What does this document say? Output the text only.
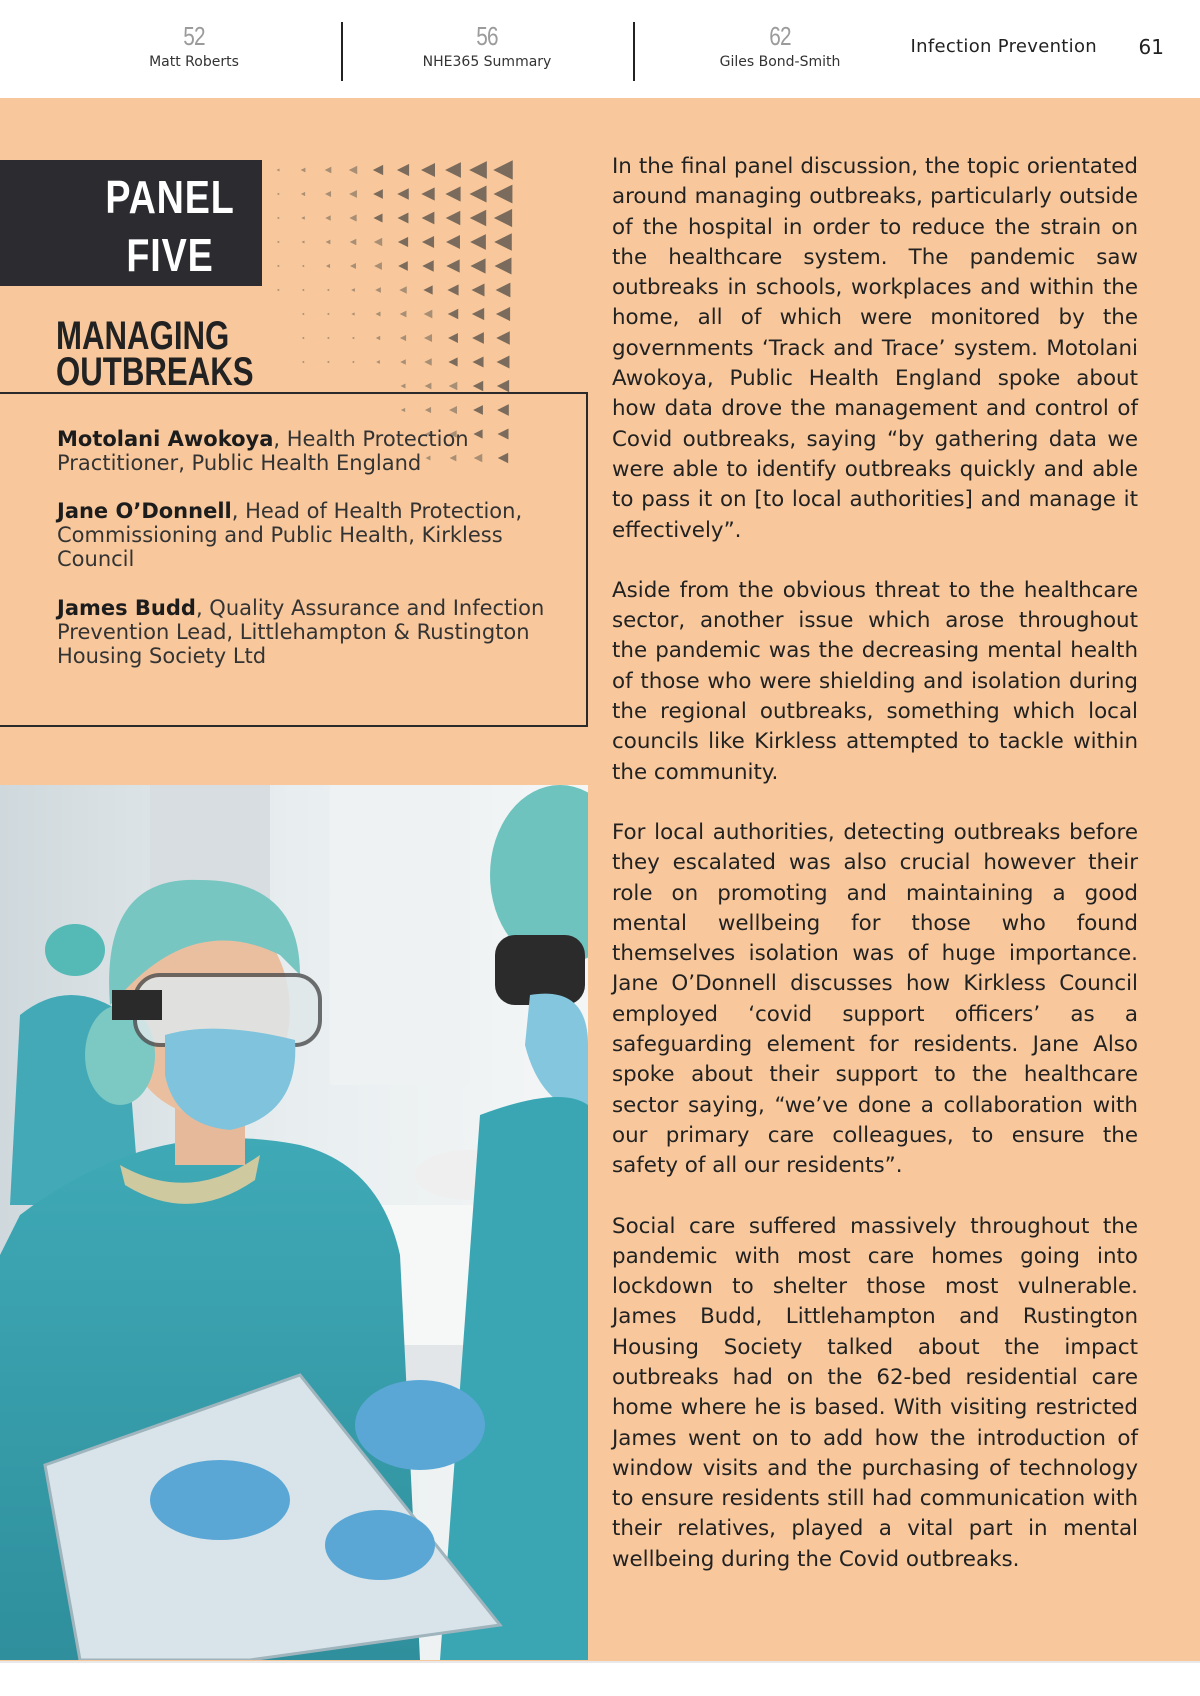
52
Matt Roberts
56
NHE365 Summary
62
Giles Bond-Smith
Infection Prevention 61
PANEL
FIVE
MANAGING
OUTBREAKS
Motolani Awokoya, Health Protection Practitioner, Public Health England
Jane O’Donnell, Head of Health Protection, Commissioning and Public Health, Kirkless Council
James Budd, Quality Assurance and Infection Prevention Lead, Littlehampton & Rustington Housing Society Ltd

In the final panel discussion, the topic orientated around managing outbreaks, particularly outside of the hospital in order to reduce the strain on the healthcare system. The pandemic saw outbreaks in schools, workplaces and within the home, all of which were monitored by the governments ‘Track and Trace’ system. Motolani Awokoya, Public Health England spoke about how data drove the management and control of Covid outbreaks, saying “by gathering data we were able to identify outbreaks quickly and able to pass it on [to local authorities] and manage it effectively”.

Aside from the obvious threat to the healthcare sector, another issue which arose throughout the pandemic was the decreasing mental health of those who were shielding and isolation during the regional outbreaks, something which local councils like Kirkless attempted to tackle within the community.

For local authorities, detecting outbreaks before they escalated was also crucial however their role on promoting and maintaining a good mental wellbeing for those who found themselves isolation was of huge importance. Jane O’Donnell discusses how Kirkless Council employed ‘covid support officers’ as a safeguarding element for residents. Jane Also spoke about their support to the healthcare sector saying, “we’ve done a collaboration with our primary care colleagues, to ensure the safety of all our residents”.

Social care suffered massively throughout the pandemic with most care homes going into lockdown to shelter those most vulnerable. James Budd, Littlehampton and Rustington Housing Society talked about the impact outbreaks had on the 62-bed residential care home where he is based. With visiting restricted James went on to add how the introduction of window visits and the purchasing of technology to ensure residents still had communication with their relatives, played a vital part in mental wellbeing during the Covid outbreaks.
